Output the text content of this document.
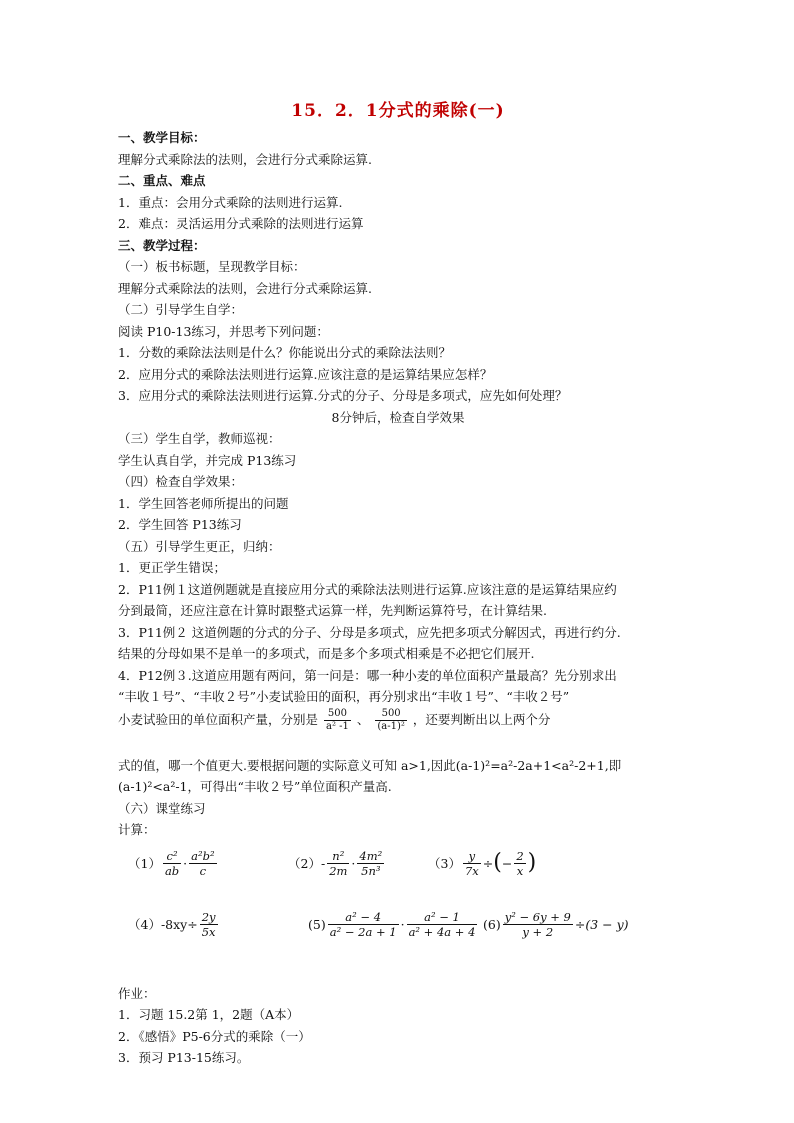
15．2．1分式的乘除(一)
一、教学目标：
理解分式乘除法的法则，会进行分式乘除运算.
二、重点、难点
1．重点：会用分式乘除的法则进行运算.
2．难点：灵活运用分式乘除的法则进行运算
三、教学过程：
（一）板书标题，呈现教学目标：
理解分式乘除法的法则，会进行分式乘除运算.
（二）引导学生自学：
阅读 P10-13练习，并思考下列问题：
1．分数的乘除法法则是什么？你能说出分式的乘除法法则？
2．应用分式的乘除法法则进行运算.应该注意的是运算结果应怎样？
3．应用分式的乘除法法则进行运算.分式的分子、分母是多项式，应先如何处理？
8分钟后，检查自学效果
（三）学生自学，教师巡视：
学生认真自学，并完成 P13练习
（四）检查自学效果：
1．学生回答老师所提出的问题
2．学生回答 P13练习
（五）引导学生更正，归纳：
1．更正学生错误；
2．P11例１这道例题就是直接应用分式的乘除法法则进行运算.应该注意的是运算结果应约
分到最简，还应注意在计算时跟整式运算一样，先判断运算符号，在计算结果.
3．P11例２ 这道例题的分式的分子、分母是多项式，应先把多项式分解因式，再进行约分.
结果的分母如果不是单一的多项式，而是多个多项式相乘是不必把它们展开.
4．P12例３.这道应用题有两问，第一问是：哪一种小麦的单位面积产量最高？先分别求出
“丰收１号”、“丰收２号”小麦试验田的面积，再分别求出“丰收１号”、“丰收２号”
小麦试验田的单位面积产量，分别是 $\frac{500}{\text{a² -1}}$ 、 $\frac{500}{\text{(a-1)²}}$ ，还要判断出以上两个分
式的值，哪一个值更大.要根据问题的实际意义可知 a>1,因此(a-1)²=a²-2a+1<a²-2+1,即
(a-1)²<a²-1，可得出“丰收２号”单位面积产量高.
（六）课堂练习
计算：
$(1) \frac{\text{c²}}{ab} \cdot \frac{\text{a²b²}}{c}$	$(2) - \frac{\text{n²}}{2m} \cdot \frac{\text{4m²}}{\text{5n³}}$	$(3) \frac{y}{7x}$ ÷ ( − $\frac{2}{x}$ )
$(4)-8xy \div \frac{2y}{5x}$	$(5) \frac{\text{a² − 4}}{\text{a² − 2a + 1}} \cdot \frac{\text{a² − 1}}{\text{a² + 4a + 4}} (6) \frac{\text{y² − 6y + 9}}{y + 2} \div (3 - y)$
作业：
1．习题 15.2第 1，2题（A本）
2．《感悟》P5-6分式的乘除（一）
3．预习 P13-15练习。
